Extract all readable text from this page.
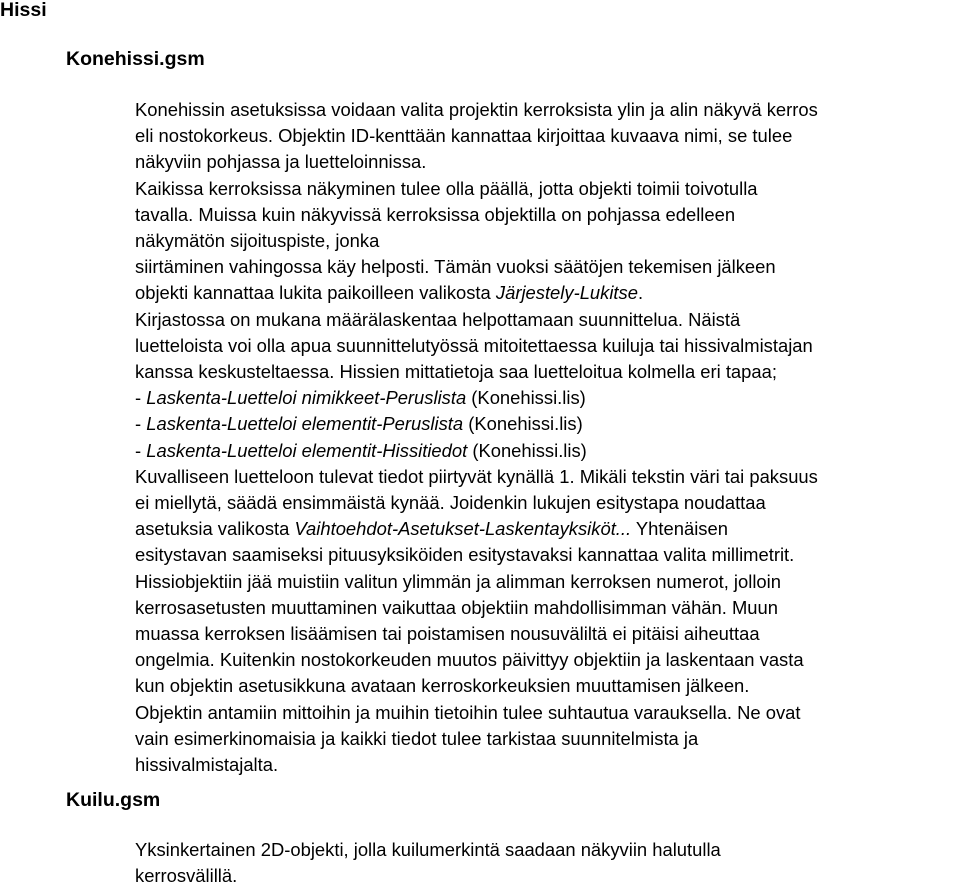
Hissi
Konehissi.gsm
Konehissin asetuksissa voidaan valita projektin kerroksista ylin ja alin näkyvä kerros
eli nostokorkeus. Objektin ID-kenttään kannattaa kirjoittaa kuvaava nimi, se tulee
näkyviin pohjassa ja luetteloinnissa.
Kaikissa kerroksissa näkyminen tulee olla päällä, jotta objekti toimii toivotulla
tavalla. Muissa kuin näkyvissä kerroksissa objektilla on pohjassa edelleen
näkymätön sijoituspiste, jonka
siirtäminen vahingossa käy helposti. Tämän vuoksi säätöjen tekemisen jälkeen
objekti kannattaa lukita paikoilleen valikosta Järjestely-Lukitse.
Kirjastossa on mukana määrälaskentaa helpottamaan suunnittelua. Näistä
luetteloista voi olla apua suunnittelutyössä mitoitettaessa kuiluja tai hissivalmistajan
kanssa keskusteltaessa. Hissien mittatietoja saa luetteloitua kolmella eri tapaa;
- Laskenta-Luetteloi nimikkeet-Peruslista (Konehissi.lis)
- Laskenta-Luetteloi elementit-Peruslista (Konehissi.lis)
- Laskenta-Luetteloi elementit-Hissitiedot (Konehissi.lis)
Kuvalliseen luetteloon tulevat tiedot piirtyvät kynällä 1. Mikäli tekstin väri tai paksuus
ei miellytä, säädä ensimmäistä kynää. Joidenkin lukujen esitystapa noudattaa
asetuksia valikosta Vaihtoehdot-Asetukset-Laskentayksiköt... Yhtenäisen
esitystavan saamiseksi pituusyksiköiden esitystavaksi kannattaa valita millimetrit.
Hissiobjektiin jää muistiin valitun ylimmän ja alimman kerroksen numerot, jolloin
kerrosasetusten muuttaminen vaikuttaa objektiin mahdollisimman vähän. Muun
muassa kerroksen lisäämisen tai poistamisen nousuväliltä ei pitäisi aiheuttaa
ongelmia. Kuitenkin nostokorkeuden muutos päivittyy objektiin ja laskentaan vasta
kun objektin asetusikkuna avataan kerroskorkeuksien muuttamisen jälkeen.
Objektin antamiin mittoihin ja muihin tietoihin tulee suhtautua varauksella. Ne ovat
vain esimerkinomaisia ja kaikki tiedot tulee tarkistaa suunnitelmista ja
hissivalmistajalta.
Kuilu.gsm
Yksinkertainen 2D-objekti, jolla kuilumerkintä saadaan näkyviin halutulla
kerrosvälillä.
